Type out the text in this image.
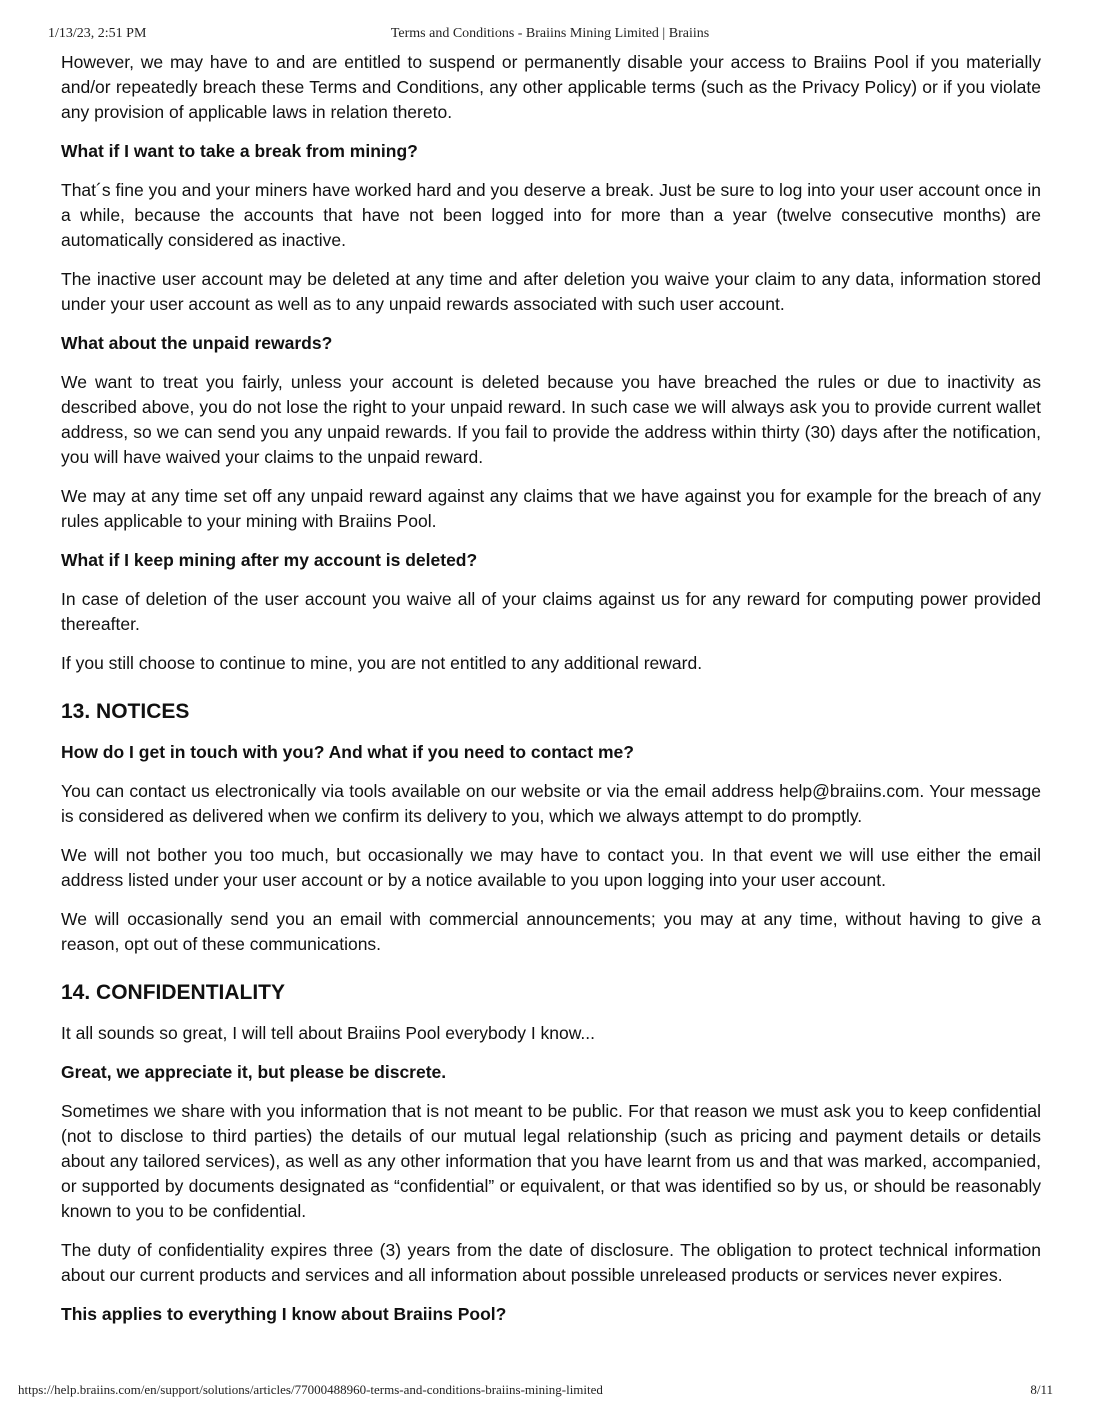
1/13/23, 2:51 PM	Terms and Conditions - Braiins Mining Limited | Braiins

However, we may have to and are entitled to suspend or permanently disable your access to Braiins Pool if you materially and/or repeatedly breach these Terms and Conditions, any other applicable terms (such as the Privacy Policy) or if you violate any provision of applicable laws in relation thereto.

What if I want to take a break from mining?

That´s fine you and your miners have worked hard and you deserve a break. Just be sure to log into your user account once in a while, because the accounts that have not been logged into for more than a year (twelve consecutive months) are automatically considered as inactive.

The inactive user account may be deleted at any time and after deletion you waive your claim to any data, information stored under your user account as well as to any unpaid rewards associated with such user account.

What about the unpaid rewards?

We want to treat you fairly, unless your account is deleted because you have breached the rules or due to inactivity as described above, you do not lose the right to your unpaid reward. In such case we will always ask you to provide current wallet address, so we can send you any unpaid rewards. If you fail to provide the address within thirty (30) days after the notification, you will have waived your claims to the unpaid reward.

We may at any time set off any unpaid reward against any claims that we have against you for example for the breach of any rules applicable to your mining with Braiins Pool.

What if I keep mining after my account is deleted?

In case of deletion of the user account you waive all of your claims against us for any reward for computing power provided thereafter.

If you still choose to continue to mine, you are not entitled to any additional reward.

13. NOTICES
How do I get in touch with you? And what if you need to contact me?

You can contact us electronically via tools available on our website or via the email address help@braiins.com. Your message is considered as delivered when we confirm its delivery to you, which we always attempt to do promptly.

We will not bother you too much, but occasionally we may have to contact you. In that event we will use either the email address listed under your user account or by a notice available to you upon logging into your user account.

We will occasionally send you an email with commercial announcements; you may at any time, without having to give a reason, opt out of these communications.

14. CONFIDENTIALITY

It all sounds so great, I will tell about Braiins Pool everybody I know...

Great, we appreciate it, but please be discrete.

Sometimes we share with you information that is not meant to be public. For that reason we must ask you to keep confidential (not to disclose to third parties) the details of our mutual legal relationship (such as pricing and payment details or details about any tailored services), as well as any other information that you have learnt from us and that was marked, accompanied, or supported by documents designated as “confidential” or equivalent, or that was identified so by us, or should be reasonably known to you to be confidential.

The duty of confidentiality expires three (3) years from the date of disclosure. The obligation to protect technical information about our current products and services and all information about possible unreleased products or services never expires.

This applies to everything I know about Braiins Pool?
https://help.braiins.com/en/support/solutions/articles/77000488960-terms-and-conditions-braiins-mining-limited	8/11
